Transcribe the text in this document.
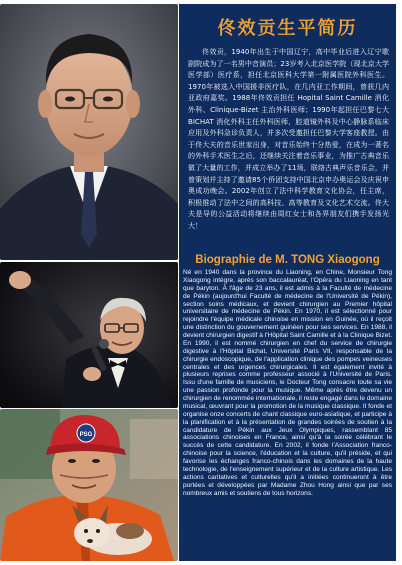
PSG
佟效贡生平简历

佟效贡，1940年出生于中国辽宁，高中毕业后进入辽宁歌剧院成为了一名男中音演员；23岁考入北京医学院（现北京大学医学部）医疗系，担任北京医科大学第一附属医院外科医生。1970年被选入中国援非医疗队，在几内亚工作期间，曾获几内亚政府嘉奖。1988年佟效贡担任 Hopital Saint Camille 消化外科、Clinique-Bizet 主治外科医师；1990年起担任巴黎七大 BICHAT 消化外科主任外科医师，腔道镜外科及中心静脉系临床应用及外科急诊负责人，并多次受邀担任巴黎大学客座教授。由于佟大夫的音乐世家出身，对音乐始终十分热爱，在成为一著名的外科手术医生之后，还继续关注着音乐事业，为推广古典音乐做了大量的工作，并成立举办了11场，联络古典声乐音乐会，并曾策划并主持了邀请85个侨团支持中国北京申办奥运会及庆祝申奥成功晚会。2002年创立了法中科学教育文化协会，任主席，积极推动了法中之间的高科技、高等教育及文化艺术交流。佟大夫是导的公益活动将继续由周红女士和各界朋友们携手发扬光大！

Biographie de M. TONG Xiaogong

Né en 1940 dans la province du Liaoning, en Chine, Monsieur Tong Xiaogong intègre, après son baccalauréat, l'Opéra du Liaoning en tant que baryton. À l'âge de 23 ans, il est admis à la Faculté de médecine de Pékin (aujourd'hui Faculté de médecine de l'Université de Pékin), section soins médicaux, et devient chirurgien au Premier hôpital universitaire de médecine de Pékin. En 1970, il est sélectionné pour rejoindre l'équipe médicale chinoise en mission en Guinée, où il reçoit une distinction du gouvernement guinéen pour ses services. En 1988, il devient chirurgien digestif à l'Hôpital Saint Camille et à la Clinique Bizet. En 1990, il est nommé chirurgien en chef du service de chirurgie digestive à l'Hôpital Bichat, Université Paris VII, responsable de la chirurgie endoscopique, de l'application clinique des pompes veineuses centrales et des urgences chirurgicales. Il est également invité à plusieurs reprises comme professeur associé à l'Université de Paris. Issu d'une famille de musiciens, le Docteur Tong consacre toute sa vie une passion profonde pour la musique. Même après être devenu un chirurgien de renommée internationale, il reste engagé dans le domaine musical, œuvrant pour la promotion de la musique classique. Il fonde et organise onze concerts de chant classique euro-asiatique, et participe à la planification et à la présentation de grandes soirées de soutien à la candidature de Pékin aux Jeux Olympiques, rassemblant 85 associations chinoises en France, ainsi qu'à la soirée célébrant le succès de cette candidature. En 2002, il fonde l'Association franco-chinoise pour la science, l'éducation et la culture, qu'il préside, et qui favorise les échanges franco-chinois dans les domaines de la haute technologie, de l'enseignement supérieur et de la culture artistique. Les actions caritatives et culturelles qu'il a initiées continueront à être portées et développées par Madame Zhou Hong ainsi que par ses nombreux amis et soutiens de tous horizons.
